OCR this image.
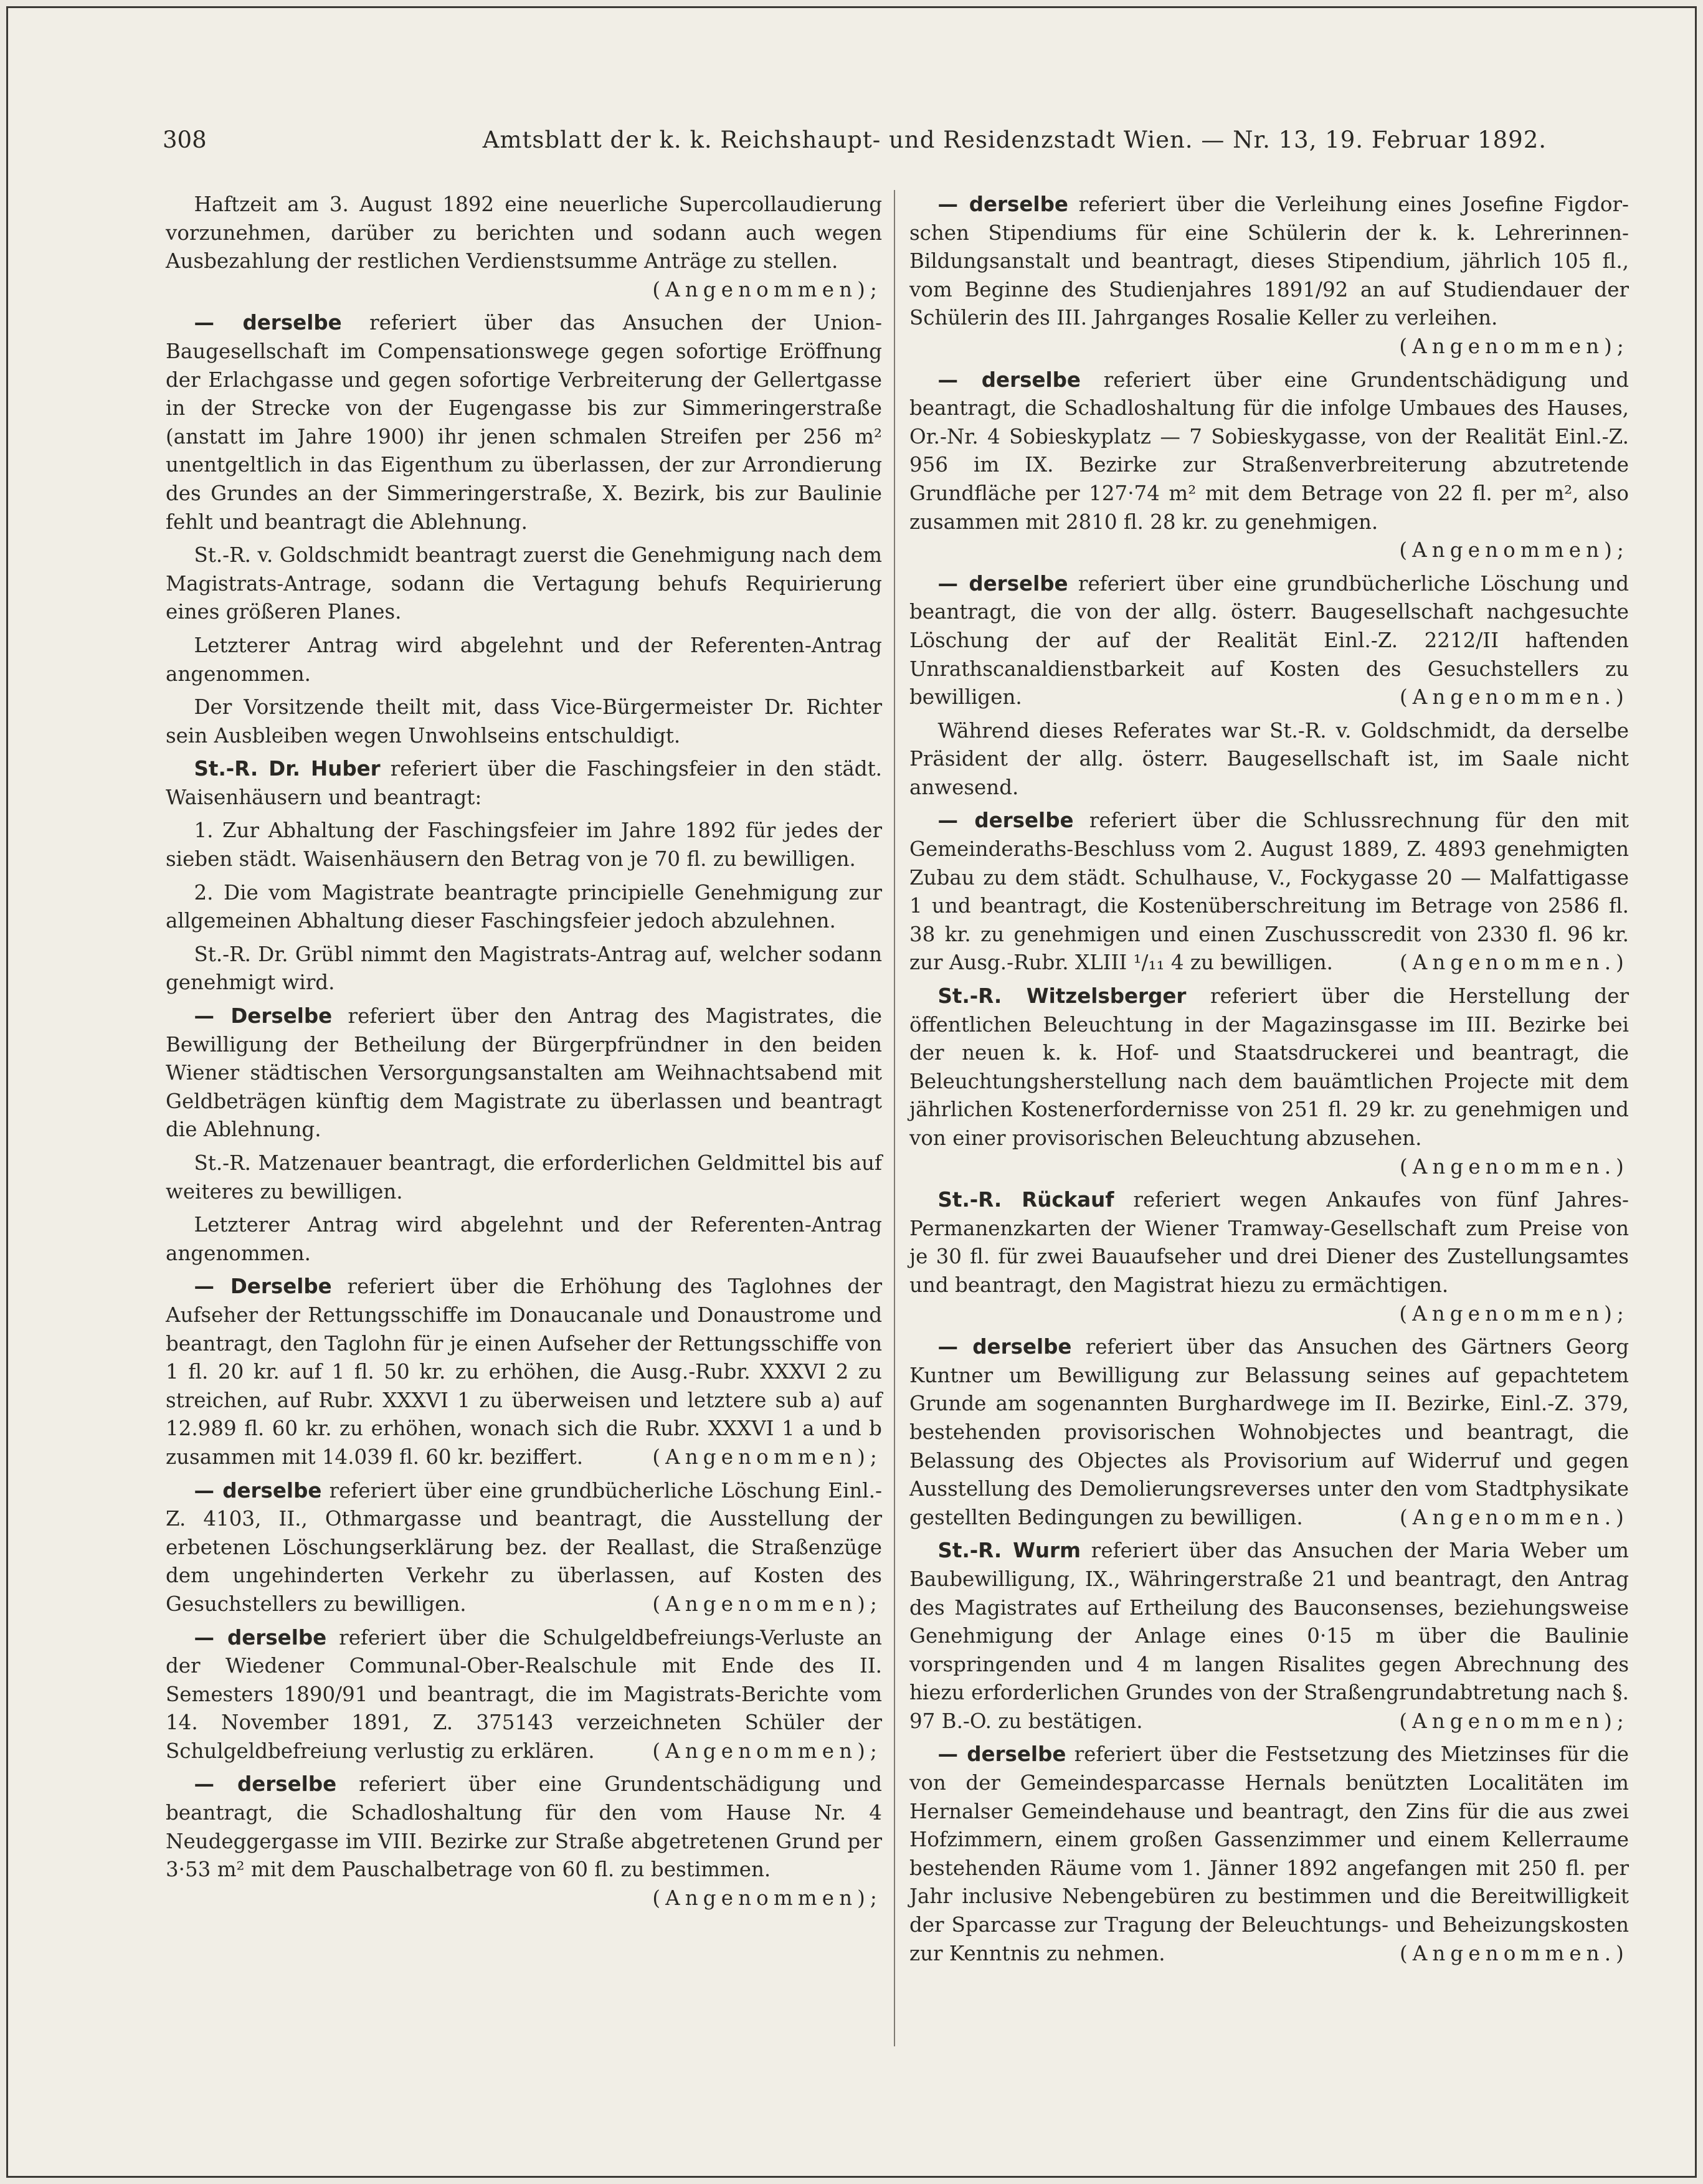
308	Amtsblatt der k. k. Reichshaupt- und Residenzstadt Wien. — Nr. 13, 19. Februar 1892.

Haftzeit am 3. August 1892 eine neuerliche Supercollaudierung vorzunehmen, darüber zu berichten und sodann auch wegen Ausbezahlung der restlichen Verdienstsumme Anträge zu stellen.
(Angenommen);

— derselbe referiert über das Ansuchen der Union-Baugesellschaft im Compensationswege gegen sofortige Eröffnung der Erlachgasse und gegen sofortige Verbreiterung der Gellertgasse in der Strecke von der Eugengasse bis zur Simmeringerstraße (anstatt im Jahre 1900) ihr jenen schmalen Streifen per 256 m² unentgeltlich in das Eigenthum zu überlassen, der zur Arrondierung des Grundes an der Simmeringerstraße, X. Bezirk, bis zur Baulinie fehlt und beantragt die Ablehnung.

St.-R. v. Goldschmidt beantragt zuerst die Genehmigung nach dem Magistrats-Antrage, sodann die Vertagung behufs Requirierung eines größeren Planes.

Letzterer Antrag wird abgelehnt und der Referenten-Antrag angenommen.

Der Vorsitzende theilt mit, dass Vice-Bürgermeister Dr. Richter sein Ausbleiben wegen Unwohlseins entschuldigt.

St.-R. Dr. Huber referiert über die Faschingsfeier in den städt. Waisenhäusern und beantragt:

1. Zur Abhaltung der Faschingsfeier im Jahre 1892 für jedes der sieben städt. Waisenhäusern den Betrag von je 70 fl. zu bewilligen.

2. Die vom Magistrate beantragte principielle Genehmigung zur allgemeinen Abhaltung dieser Faschingsfeier jedoch abzulehnen.

St.-R. Dr. Grübl nimmt den Magistrats-Antrag auf, welcher sodann genehmigt wird.

— Derselbe referiert über den Antrag des Magistrates, die Bewilligung der Betheilung der Bürgerpfründner in den beiden Wiener städtischen Versorgungsanstalten am Weihnachtsabend mit Geldbeträgen künftig dem Magistrate zu überlassen und beantragt die Ablehnung.

St.-R. Matzenauer beantragt, die erforderlichen Geldmittel bis auf weiteres zu bewilligen.

Letzterer Antrag wird abgelehnt und der Referenten-Antrag angenommen.

— Derselbe referiert über die Erhöhung des Taglohnes der Aufseher der Rettungsschiffe im Donaucanale und Donaustrome und beantragt, den Taglohn für je einen Aufseher der Rettungsschiffe von 1 fl. 20 kr. auf 1 fl. 50 kr. zu erhöhen, die Ausg.-Rubr. XXXVI 2 zu streichen, auf Rubr. XXXVI 1 zu überweisen und letztere sub a) auf 12.989 fl. 60 kr. zu erhöhen, wonach sich die Rubr. XXXVI 1 a und b zusammen mit 14.039 fl. 60 kr. beziffert.	(Angenommen);

— derselbe referiert über eine grundbücherliche Löschung Einl.-Z. 4103, II., Othmargasse und beantragt, die Ausstellung der erbetenen Löschungserklärung bez. der Reallast, die Straßenzüge dem ungehinderten Verkehr zu überlassen, auf Kosten des Gesuchstellers zu bewilligen.	(Angenommen);

— derselbe referiert über die Schulgeldbefreiungs-Verluste an der Wiedener Communal-Ober-Realschule mit Ende des II. Semesters 1890/91 und beantragt, die im Magistrats-Berichte vom 14. November 1891, Z. 375143 verzeichneten Schüler der Schulgeldbefreiung verlustig zu erklären.	(Angenommen);

— derselbe referiert über eine Grundentschädigung und beantragt, die Schadloshaltung für den vom Hause Nr. 4 Neudeggergasse im VIII. Bezirke zur Straße abgetretenen Grund per 3·53 m² mit dem Pauschalbetrage von 60 fl. zu bestimmen.
(Angenommen);

— derselbe referiert über die Verleihung eines Josefine Figdorschen Stipendiums für eine Schülerin der k. k. Lehrerinnen-Bildungsanstalt und beantragt, dieses Stipendium, jährlich 105 fl., vom Beginne des Studienjahres 1891/92 an auf Studiendauer der Schülerin des III. Jahrganges Rosalie Keller zu verleihen.
(Angenommen);

— derselbe referiert über eine Grundentschädigung und beantragt, die Schadloshaltung für die infolge Umbaues des Hauses, Or.-Nr. 4 Sobieskyplatz — 7 Sobieskygasse, von der Realität Einl.-Z. 956 im IX. Bezirke zur Straßenverbreiterung abzutretende Grundfläche per 127·74 m² mit dem Betrage von 22 fl. per m², also zusammen mit 2810 fl. 28 kr. zu genehmigen.
(Angenommen);

— derselbe referiert über eine grundbücherliche Löschung und beantragt, die von der allg. österr. Baugesellschaft nachgesuchte Löschung der auf der Realität Einl.-Z. 2212/II haftenden Unrathscanaldienstbarkeit auf Kosten des Gesuchstellers zu bewilligen.	(Angenommen.)

Während dieses Referates war St.-R. v. Goldschmidt, da derselbe Präsident der allg. österr. Baugesellschaft ist, im Saale nicht anwesend.

— derselbe referiert über die Schlussrechnung für den mit Gemeinderaths-Beschluss vom 2. August 1889, Z. 4893 genehmigten Zubau zu dem städt. Schulhause, V., Fockygasse 20 — Malfattigasse 1 und beantragt, die Kostenüberschreitung im Betrage von 2586 fl. 38 kr. zu genehmigen und einen Zuschusscredit von 2330 fl. 96 kr. zur Ausg.-Rubr. XLIII ¹/₁₁ 4 zu bewilligen.	(Angenommen.)

St.-R. Witzelsberger referiert über die Herstellung der öffentlichen Beleuchtung in der Magazinsgasse im III. Bezirke bei der neuen k. k. Hof- und Staatsdruckerei und beantragt, die Beleuchtungsherstellung nach dem bauämtlichen Projecte mit dem jährlichen Kostenerfordernisse von 251 fl. 29 kr. zu genehmigen und von einer provisorischen Beleuchtung abzusehen.
(Angenommen.)

St.-R. Rückauf referiert wegen Ankaufes von fünf Jahres-Permanenzkarten der Wiener Tramway-Gesellschaft zum Preise von je 30 fl. für zwei Bauaufseher und drei Diener des Zustellungsamtes und beantragt, den Magistrat hiezu zu ermächtigen.
(Angenommen);

— derselbe referiert über das Ansuchen des Gärtners Georg Kuntner um Bewilligung zur Belassung seines auf gepachtetem Grunde am sogenannten Burghardwege im II. Bezirke, Einl.-Z. 379, bestehenden provisorischen Wohnobjectes und beantragt, die Belassung des Objectes als Provisorium auf Widerruf und gegen Ausstellung des Demolierungsreverses unter den vom Stadtphysikate gestellten Bedingungen zu bewilligen.	(Angenommen.)

St.-R. Wurm referiert über das Ansuchen der Maria Weber um Baubewilligung, IX., Währingerstraße 21 und beantragt, den Antrag des Magistrates auf Ertheilung des Bauconsenses, beziehungsweise Genehmigung der Anlage eines 0·15 m über die Baulinie vorspringenden und 4 m langen Risalites gegen Abrechnung des hiezu erforderlichen Grundes von der Straßengrundabtretung nach §. 97 B.-O. zu bestätigen.	(Angenommen);

— derselbe referiert über die Festsetzung des Mietzinses für die von der Gemeindesparcasse Hernals benützten Localitäten im Hernalser Gemeindehause und beantragt, den Zins für die aus zwei Hofzimmern, einem großen Gassenzimmer und einem Kellerraume bestehenden Räume vom 1. Jänner 1892 angefangen mit 250 fl. per Jahr inclusive Nebengebüren zu bestimmen und die Bereitwilligkeit der Sparcasse zur Tragung der Beleuchtungs- und Beheizungskosten zur Kenntnis zu nehmen.	(Angenommen.)
